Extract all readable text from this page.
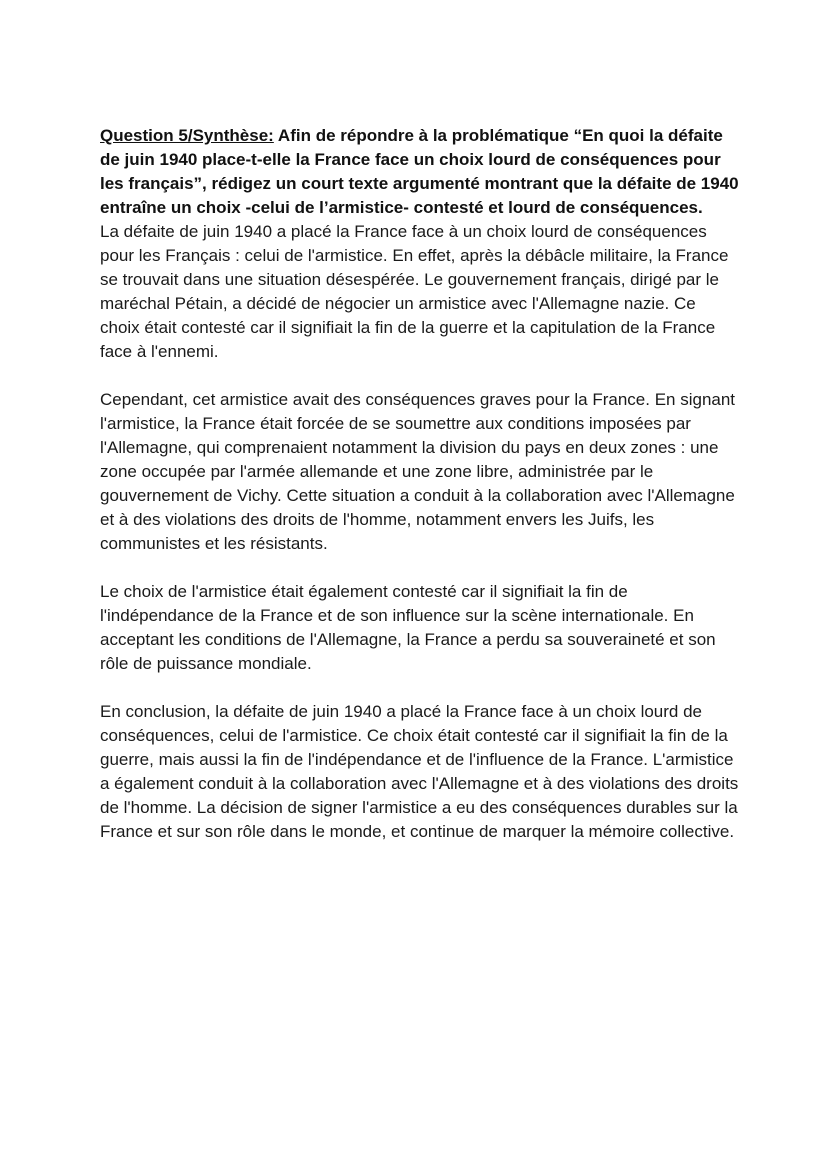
Question 5/Synthèse: Afin de répondre à la problématique “En quoi la défaite de juin 1940 place-t-elle la France face un choix lourd de conséquences pour les français”, rédigez un court texte argumenté montrant que la défaite de 1940 entraîne un choix -celui de l’armistice- contesté et lourd de conséquences.

La défaite de juin 1940 a placé la France face à un choix lourd de conséquences pour les Français : celui de l'armistice. En effet, après la débâcle militaire, la France se trouvait dans une situation désespérée. Le gouvernement français, dirigé par le maréchal Pétain, a décidé de négocier un armistice avec l'Allemagne nazie. Ce choix était contesté car il signifiait la fin de la guerre et la capitulation de la France face à l'ennemi.

Cependant, cet armistice avait des conséquences graves pour la France. En signant l'armistice, la France était forcée de se soumettre aux conditions imposées par l'Allemagne, qui comprenaient notamment la division du pays en deux zones : une zone occupée par l'armée allemande et une zone libre, administrée par le gouvernement de Vichy. Cette situation a conduit à la collaboration avec l'Allemagne et à des violations des droits de l'homme, notamment envers les Juifs, les communistes et les résistants.

Le choix de l'armistice était également contesté car il signifiait la fin de l'indépendance de la France et de son influence sur la scène internationale. En acceptant les conditions de l'Allemagne, la France a perdu sa souveraineté et son rôle de puissance mondiale.

En conclusion, la défaite de juin 1940 a placé la France face à un choix lourd de conséquences, celui de l'armistice. Ce choix était contesté car il signifiait la fin de la guerre, mais aussi la fin de l'indépendance et de l'influence de la France. L'armistice a également conduit à la collaboration avec l'Allemagne et à des violations des droits de l'homme. La décision de signer l'armistice a eu des conséquences durables sur la France et sur son rôle dans le monde, et continue de marquer la mémoire collective.
